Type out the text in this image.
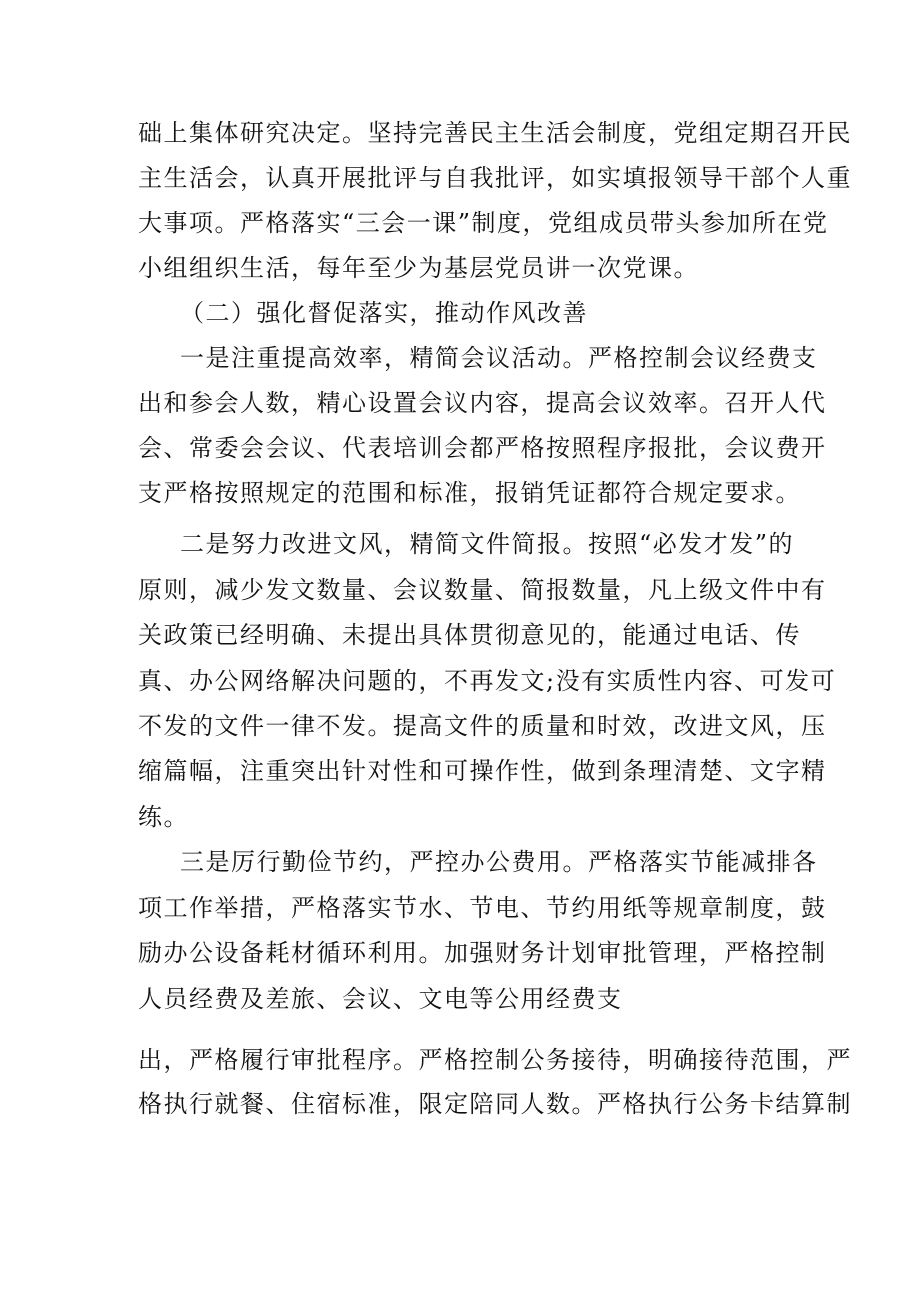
础上集体研究决定。坚持完善民主生活会制度，党组定期召开民
主生活会，认真开展批评与自我批评，如实填报领导干部个人重
大事项。严格落实“三会一课”制度，党组成员带头参加所在党
小组组织生活，每年至少为基层党员讲一次党课。
（二）强化督促落实，推动作风改善
一是注重提高效率，精简会议活动。严格控制会议经费支
出和参会人数，精心设置会议内容，提高会议效率。召开人代
会、常委会会议、代表培训会都严格按照程序报批，会议费开
支严格按照规定的范围和标准，报销凭证都符合规定要求。
二是努力改进文风，精简文件简报。按照“必发才发”的
原则，减少发文数量、会议数量、简报数量，凡上级文件中有
关政策已经明确、未提出具体贯彻意见的，能通过电话、传
真、办公网络解决问题的，不再发文;没有实质性内容、可发可
不发的文件一律不发。提高文件的质量和时效，改进文风，压
缩篇幅，注重突出针对性和可操作性，做到条理清楚、文字精
练。
三是厉行勤俭节约，严控办公费用。严格落实节能减排各
项工作举措，严格落实节水、节电、节约用纸等规章制度，鼓
励办公设备耗材循环利用。加强财务计划审批管理，严格控制
人员经费及差旅、会议、文电等公用经费支
出，严格履行审批程序。严格控制公务接待，明确接待范围，严
格执行就餐、住宿标准，限定陪同人数。严格执行公务卡结算制
